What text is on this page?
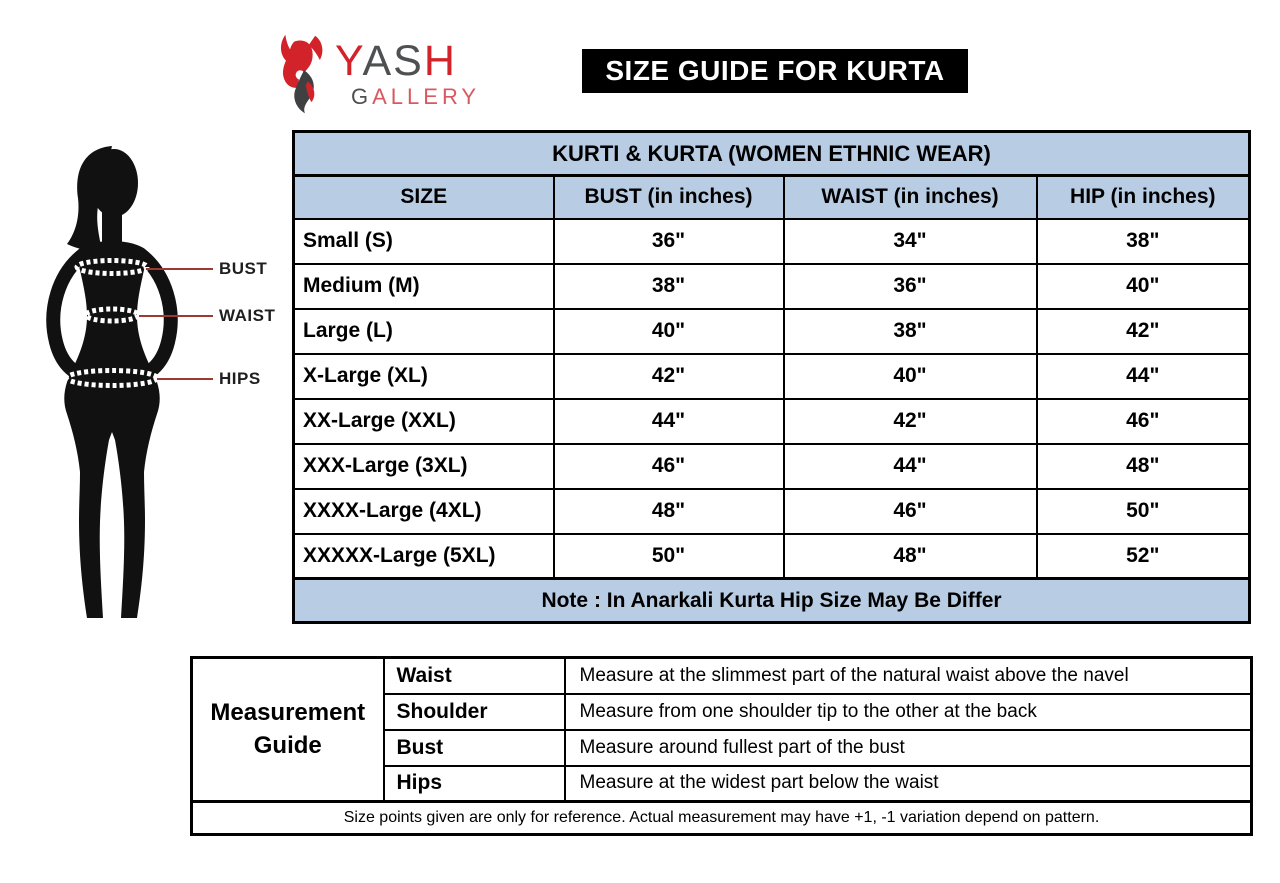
YASH
GALLERY
SIZE GUIDE FOR KURTA
BUST
WAIST
HIPS
KURTI & KURTA (WOMEN ETHNIC WEAR)			
SIZE	BUST (in inches)	WAIST (in inches)	HIP (in inches)
Small (S)	36"	34"	38"
Medium (M)	38"	36"	40"
Large (L)	40"	38"	42"
X-Large (XL)	42"	40"	44"
XX-Large (XXL)	44"	42"	46"
XXX-Large (3XL)	46"	44"	48"
XXXX-Large (4XL)	48"	46"	50"
XXXXX-Large (5XL)	50"	48"	52"
Note : In Anarkali Kurta Hip Size May Be Differ			
Measurement Guide	Waist	Measure at the slimmest part of the natural waist above the navel
	Shoulder	Measure from one shoulder tip to the other at the back
	Bust	Measure around fullest part of the bust
	Hips	Measure at the widest part below the waist
Size points given are only for reference. Actual measurement may have +1, -1 variation depend on pattern.		
